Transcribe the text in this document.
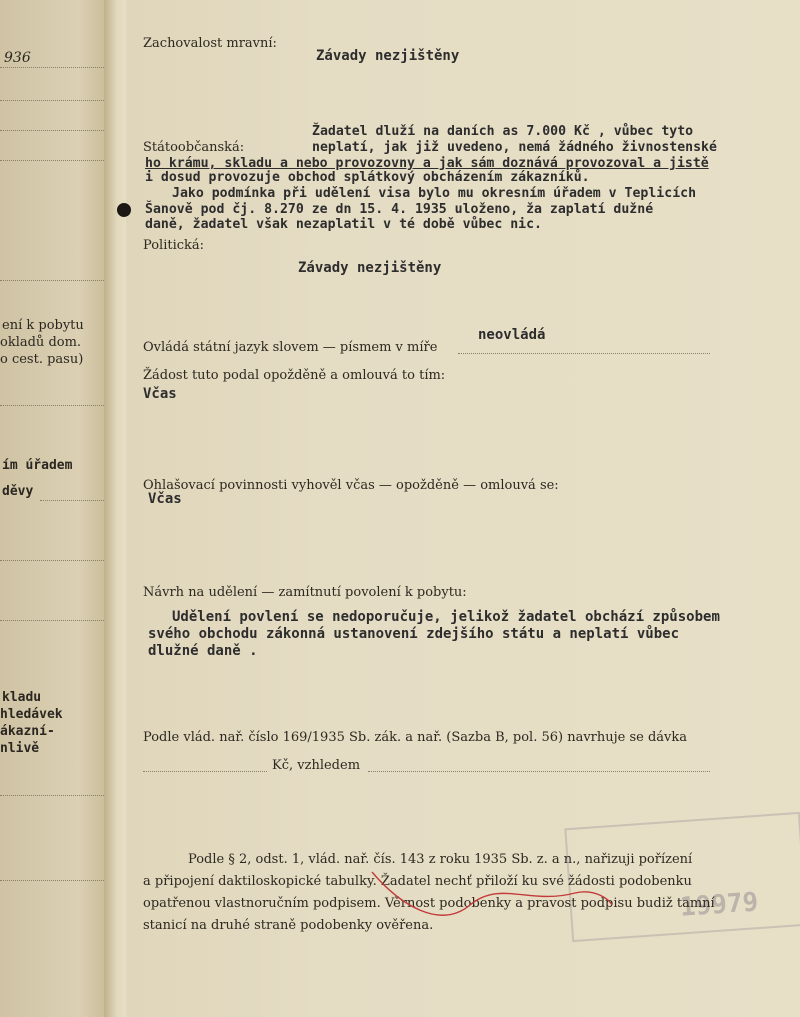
936
ení k pobytu
okladů dom.
o cest. pasu)
ím úřadem
děvy
kladu
hledávek
ákazní-
nlivě
Zachovalost mravní:
Závady nezjištěny
Státoobčanská:
Žadatel dluží na daních as 7.000 Kč , vůbec tyto
neplatí, jak již uvedeno, nemá žádného živnostenské
ho krámu, skladu a nebo provozovny a jak sám doznává provozoval a jistě
i dosud provozuje obchod splátkový obcházením zákazníků.
Jako podmínka při udělení visa bylo mu okresním úřadem v Teplicích
Šanově pod čj. 8.270 ze dn 15. 4. 1935 uloženo, ža zaplatí dužné
daně, žadatel však nezaplatil v té době vůbec nic.
Politická:
Závady nezjištěny
neovládá
Ovládá státní jazyk slovem — písmem v míře
Žádost tuto podal opožděně a omlouvá to tím:
Včas
Ohlašovací povinnosti vyhověl včas — opožděně — omlouvá se:
Včas
Návrh na udělení — zamítnutí povolení k pobytu:
Udělení povlení se nedoporučuje, jelikož žadatel obchází způsobem
svého obchodu zákonná ustanovení zdejšího státu a neplatí vůbec
dlužné daně .
Podle vlád. nař. číslo 169/1935 Sb. zák. a nař. (Sazba B, pol. 56) navrhuje se dávka
Kč, vzhledem
19979
Podle § 2, odst. 1, vlád. nař. čís. 143 z roku 1935 Sb. z. a n., nařizuji pořízení
a připojení daktiloskopické tabulky. Žadatel nechť přiloží ku své žádosti podobenku
opatřenou vlastnoručním podpisem. Věrnost podobenky a pravost podpisu budiž tamní
stanicí na druhé straně podobenky ověřena.
